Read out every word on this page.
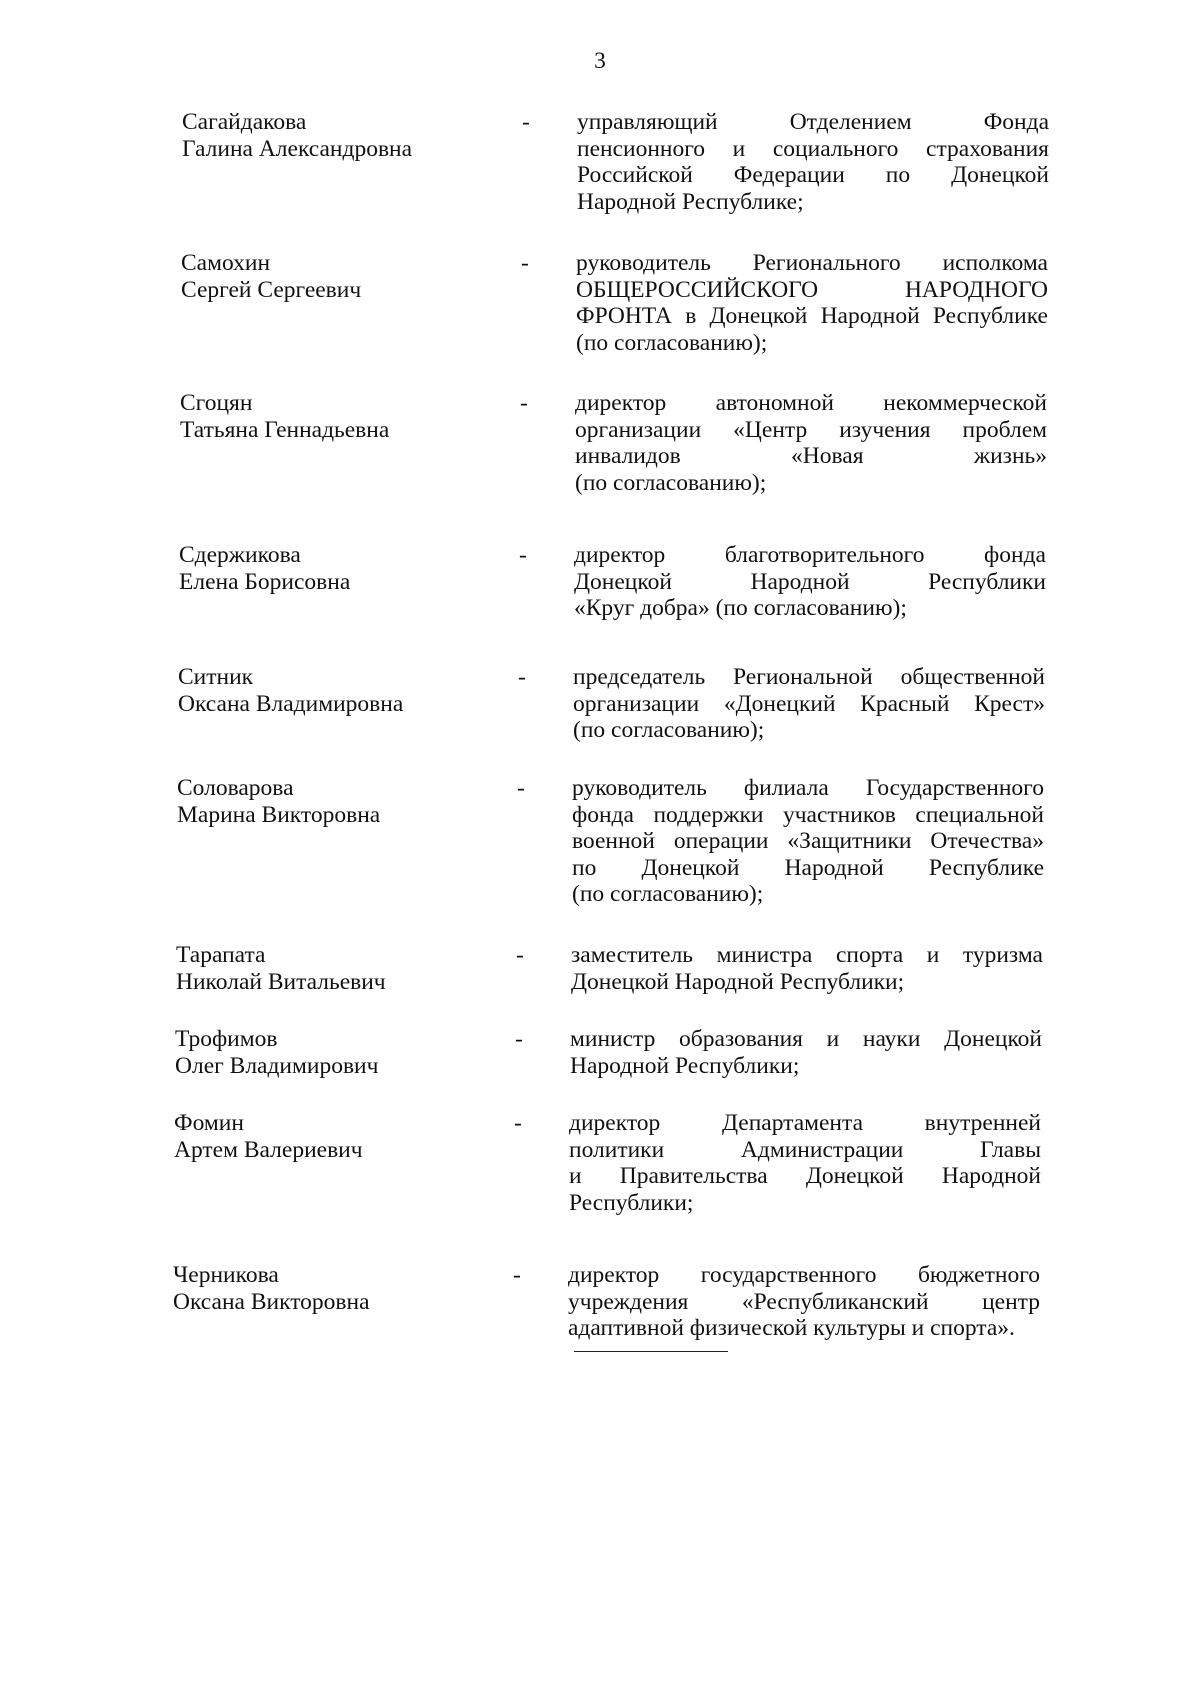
3
Сагайдакова
Галина Александровна
- управляющий Отделением Фонда
пенсионного и социального страхования
Российской Федерации по Донецкой
Народной Республике;
Самохин
Сергей Сергеевич
- руководитель Регионального исполкома
ОБЩЕРОССИЙСКОГО НАРОДНОГО
ФРОНТА в Донецкой Народной Республике
(по согласованию);
Сгоцян
Татьяна Геннадьевна
- директор автономной некоммерческой
организации «Центр изучения проблем
инвалидов «Новая жизнь»
(по согласованию);
Сдержикова
Елена Борисовна
- директор благотворительного фонда
Донецкой Народной Республики
«Круг добра» (по согласованию);
Ситник
Оксана Владимировна
- председатель Региональной общественной
организации «Донецкий Красный Крест»
(по согласованию);
Соловарова
Марина Викторовна
- руководитель филиала Государственного
фонда поддержки участников специальной
военной операции «Защитники Отечества»
по Донецкой Народной Республике
(по согласованию);
Тарапата
Николай Витальевич
- заместитель министра спорта и туризма
Донецкой Народной Республики;
Трофимов
Олег Владимирович
- министр образования и науки Донецкой
Народной Республики;
Фомин
Артем Валериевич
- директор Департамента внутренней
политики Администрации Главы
и Правительства Донецкой Народной
Республики;
Черникова
Оксана Викторовна
- директор государственного бюджетного
учреждения «Республиканский центр
адаптивной физической культуры и спорта».
